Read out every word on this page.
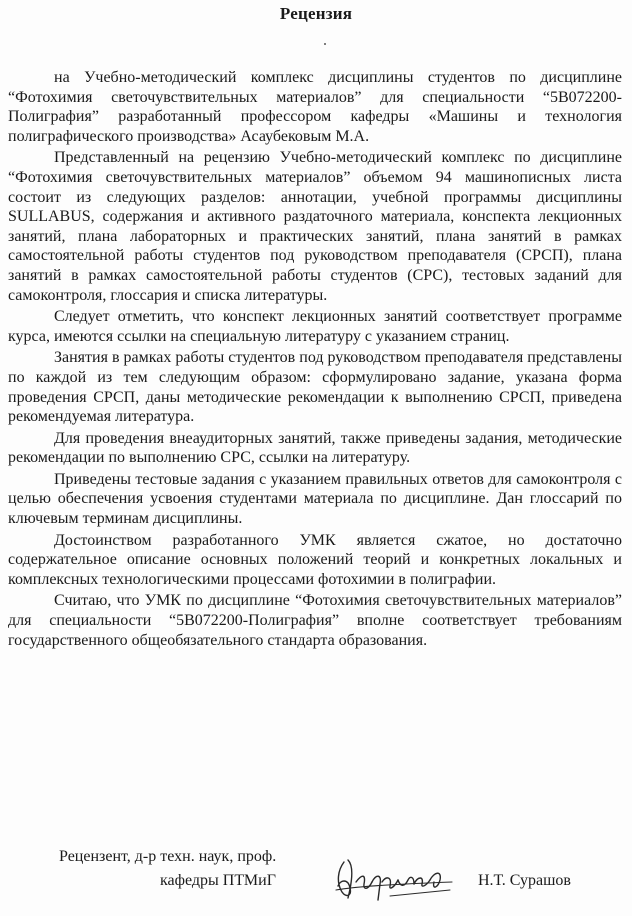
Рецензия

на Учебно-методический комплекс дисциплины студентов по дисциплине “Фотохимия светочувствительных материалов” для специальности “5В072200-Полиграфия” разработанный профессором кафедры «Машины и технология полиграфического производства» Асаубековым М.А.

Представленный на рецензию Учебно-методический комплекс по дисциплине “Фотохимия светочувствительных материалов” объемом 94 машинописных листа состоит из следующих разделов: аннотации, учебной программы дисциплины SULLABUS, содержания и активного раздаточного материала, конспекта лекционных занятий, плана лабораторных и практических занятий, плана занятий в рамках самостоятельной работы студентов под руководством преподавателя (СРСП), плана занятий в рамках самостоятельной работы студентов (СРС), тестовых заданий для самоконтроля, глоссария и списка литературы.

Следует отметить, что конспект лекционных занятий соответствует программе курса, имеются ссылки на специальную литературу с указанием страниц.

Занятия в рамках работы студентов под руководством преподавателя представлены по каждой из тем следующим образом: сформулировано задание, указана форма проведения СРСП, даны методические рекомендации к выполнению СРСП, приведена рекомендуемая литература.

Для проведения внеаудиторных занятий, также приведены задания, методические рекомендации по выполнению СРС, ссылки на литературу.

Приведены тестовые задания с указанием правильных ответов для самоконтроля с целью обеспечения усвоения студентами материала по дисциплине. Дан глоссарий по ключевым терминам дисциплины.

Достоинством разработанного УМК является сжатое, но достаточно содержательное описание основных положений теорий и конкретных локальных и комплексных технологическими процессами фотохимии в полиграфии.

Считаю, что УМК по дисциплине “Фотохимия светочувствительных материалов” для специальности “5В072200-Полиграфия” вполне соответствует требованиям государственного общеобязательного стандарта образования.

Рецензент, д-р техн. наук, проф.
кафедры ПТМиГ	Н.Т. Сурашов
